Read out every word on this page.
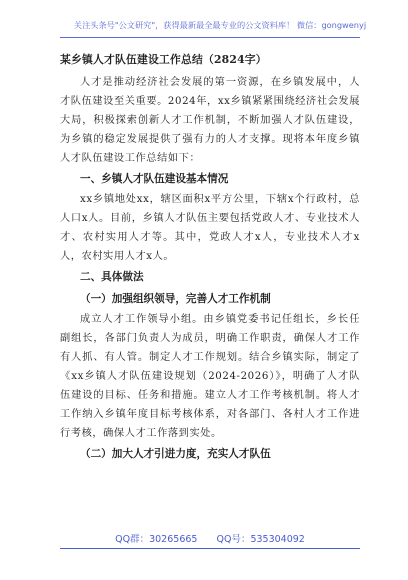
关注头条号"公文研究"，获得最新最全最专业的公文资料库！ 微信：gongwenyj
某乡镇人才队伍建设工作总结（2824字）
人才是推动经济社会发展的第一资源，在乡镇发展中，人才队伍建设至关重要。2024年，xx乡镇紧紧围绕经济社会发展大局，积极探索创新人才工作机制，不断加强人才队伍建设，为乡镇的稳定发展提供了强有力的人才支撑。现将本年度乡镇人才队伍建设工作总结如下：
一、乡镇人才队伍建设基本情况
xx乡镇地处xx，辖区面积x平方公里，下辖x个行政村，总人口x人。目前，乡镇人才队伍主要包括党政人才、专业技术人才、农村实用人才等。其中，党政人才x人，专业技术人才x人，农村实用人才x人。
二、具体做法
（一）加强组织领导，完善人才工作机制
成立人才工作领导小组。由乡镇党委书记任组长，乡长任副组长，各部门负责人为成员，明确工作职责，确保人才工作有人抓、有人管。制定人才工作规划。结合乡镇实际，制定了《xx乡镇人才队伍建设规划（2024-2026）》，明确了人才队伍建设的目标、任务和措施。建立人才工作考核机制。将人才工作纳入乡镇年度目标考核体系，对各部门、各村人才工作进行考核，确保人才工作落到实处。
（二）加大人才引进力度，充实人才队伍
QQ群：30265665 QQ号：535304092
